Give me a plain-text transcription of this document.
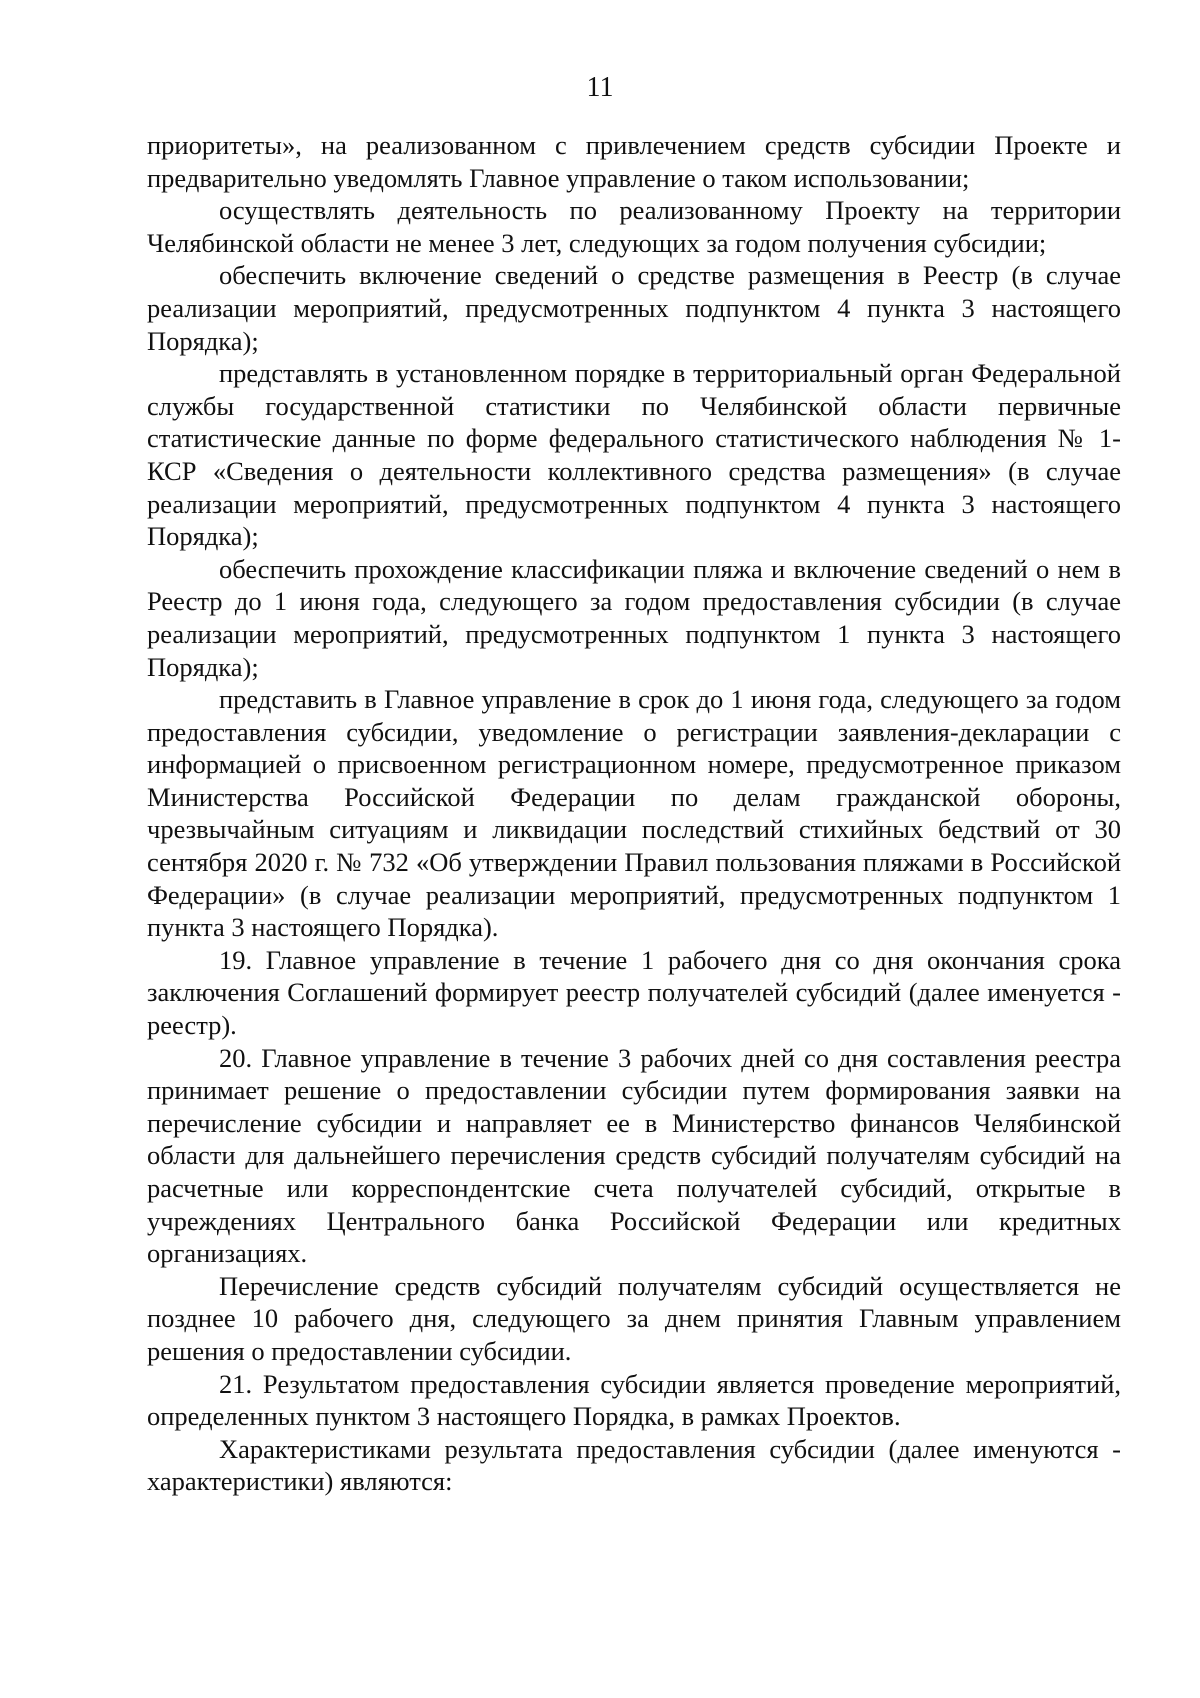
11

приоритеты», на реализованном с привлечением средств субсидии Проекте и предварительно уведомлять Главное управление о таком использовании;

осуществлять деятельность по реализованному Проекту на территории Челябинской области не менее 3 лет, следующих за годом получения субсидии;

обеспечить включение сведений о средстве размещения в Реестр (в случае реализации мероприятий, предусмотренных подпунктом 4 пункта 3 настоящего Порядка);

представлять в установленном порядке в территориальный орган Федеральной службы государственной статистики по Челябинской области первичные статистические данные по форме федерального статистического наблюдения № 1-КСР «Сведения о деятельности коллективного средства размещения» (в случае реализации мероприятий, предусмотренных подпунктом 4 пункта 3 настоящего Порядка);

обеспечить прохождение классификации пляжа и включение сведений о нем в Реестр до 1 июня года, следующего за годом предоставления субсидии (в случае реализации мероприятий, предусмотренных подпунктом 1 пункта 3 настоящего Порядка);

представить в Главное управление в срок до 1 июня года, следующего за годом предоставления субсидии, уведомление о регистрации заявления-декларации с информацией о присвоенном регистрационном номере, предусмотренное приказом Министерства Российской Федерации по делам гражданской обороны, чрезвычайным ситуациям и ликвидации последствий стихийных бедствий от 30 сентября 2020 г. № 732 «Об утверждении Правил пользования пляжами в Российской Федерации» (в случае реализации мероприятий, предусмотренных подпунктом 1 пункта 3 настоящего Порядка).

19. Главное управление в течение 1 рабочего дня со дня окончания срока заключения Соглашений формирует реестр получателей субсидий (далее именуется - реестр).

20. Главное управление в течение 3 рабочих дней со дня составления реестра принимает решение о предоставлении субсидии путем формирования заявки на перечисление субсидии и направляет ее в Министерство финансов Челябинской области для дальнейшего перечисления средств субсидий получателям субсидий на расчетные или корреспондентские счета получателей субсидий, открытые в учреждениях Центрального банка Российской Федерации или кредитных организациях.

Перечисление средств субсидий получателям субсидий осуществляется не позднее 10 рабочего дня, следующего за днем принятия Главным управлением решения о предоставлении субсидии.

21. Результатом предоставления субсидии является проведение мероприятий, определенных пунктом 3 настоящего Порядка, в рамках Проектов.

Характеристиками результата предоставления субсидии (далее именуются - характеристики) являются:
